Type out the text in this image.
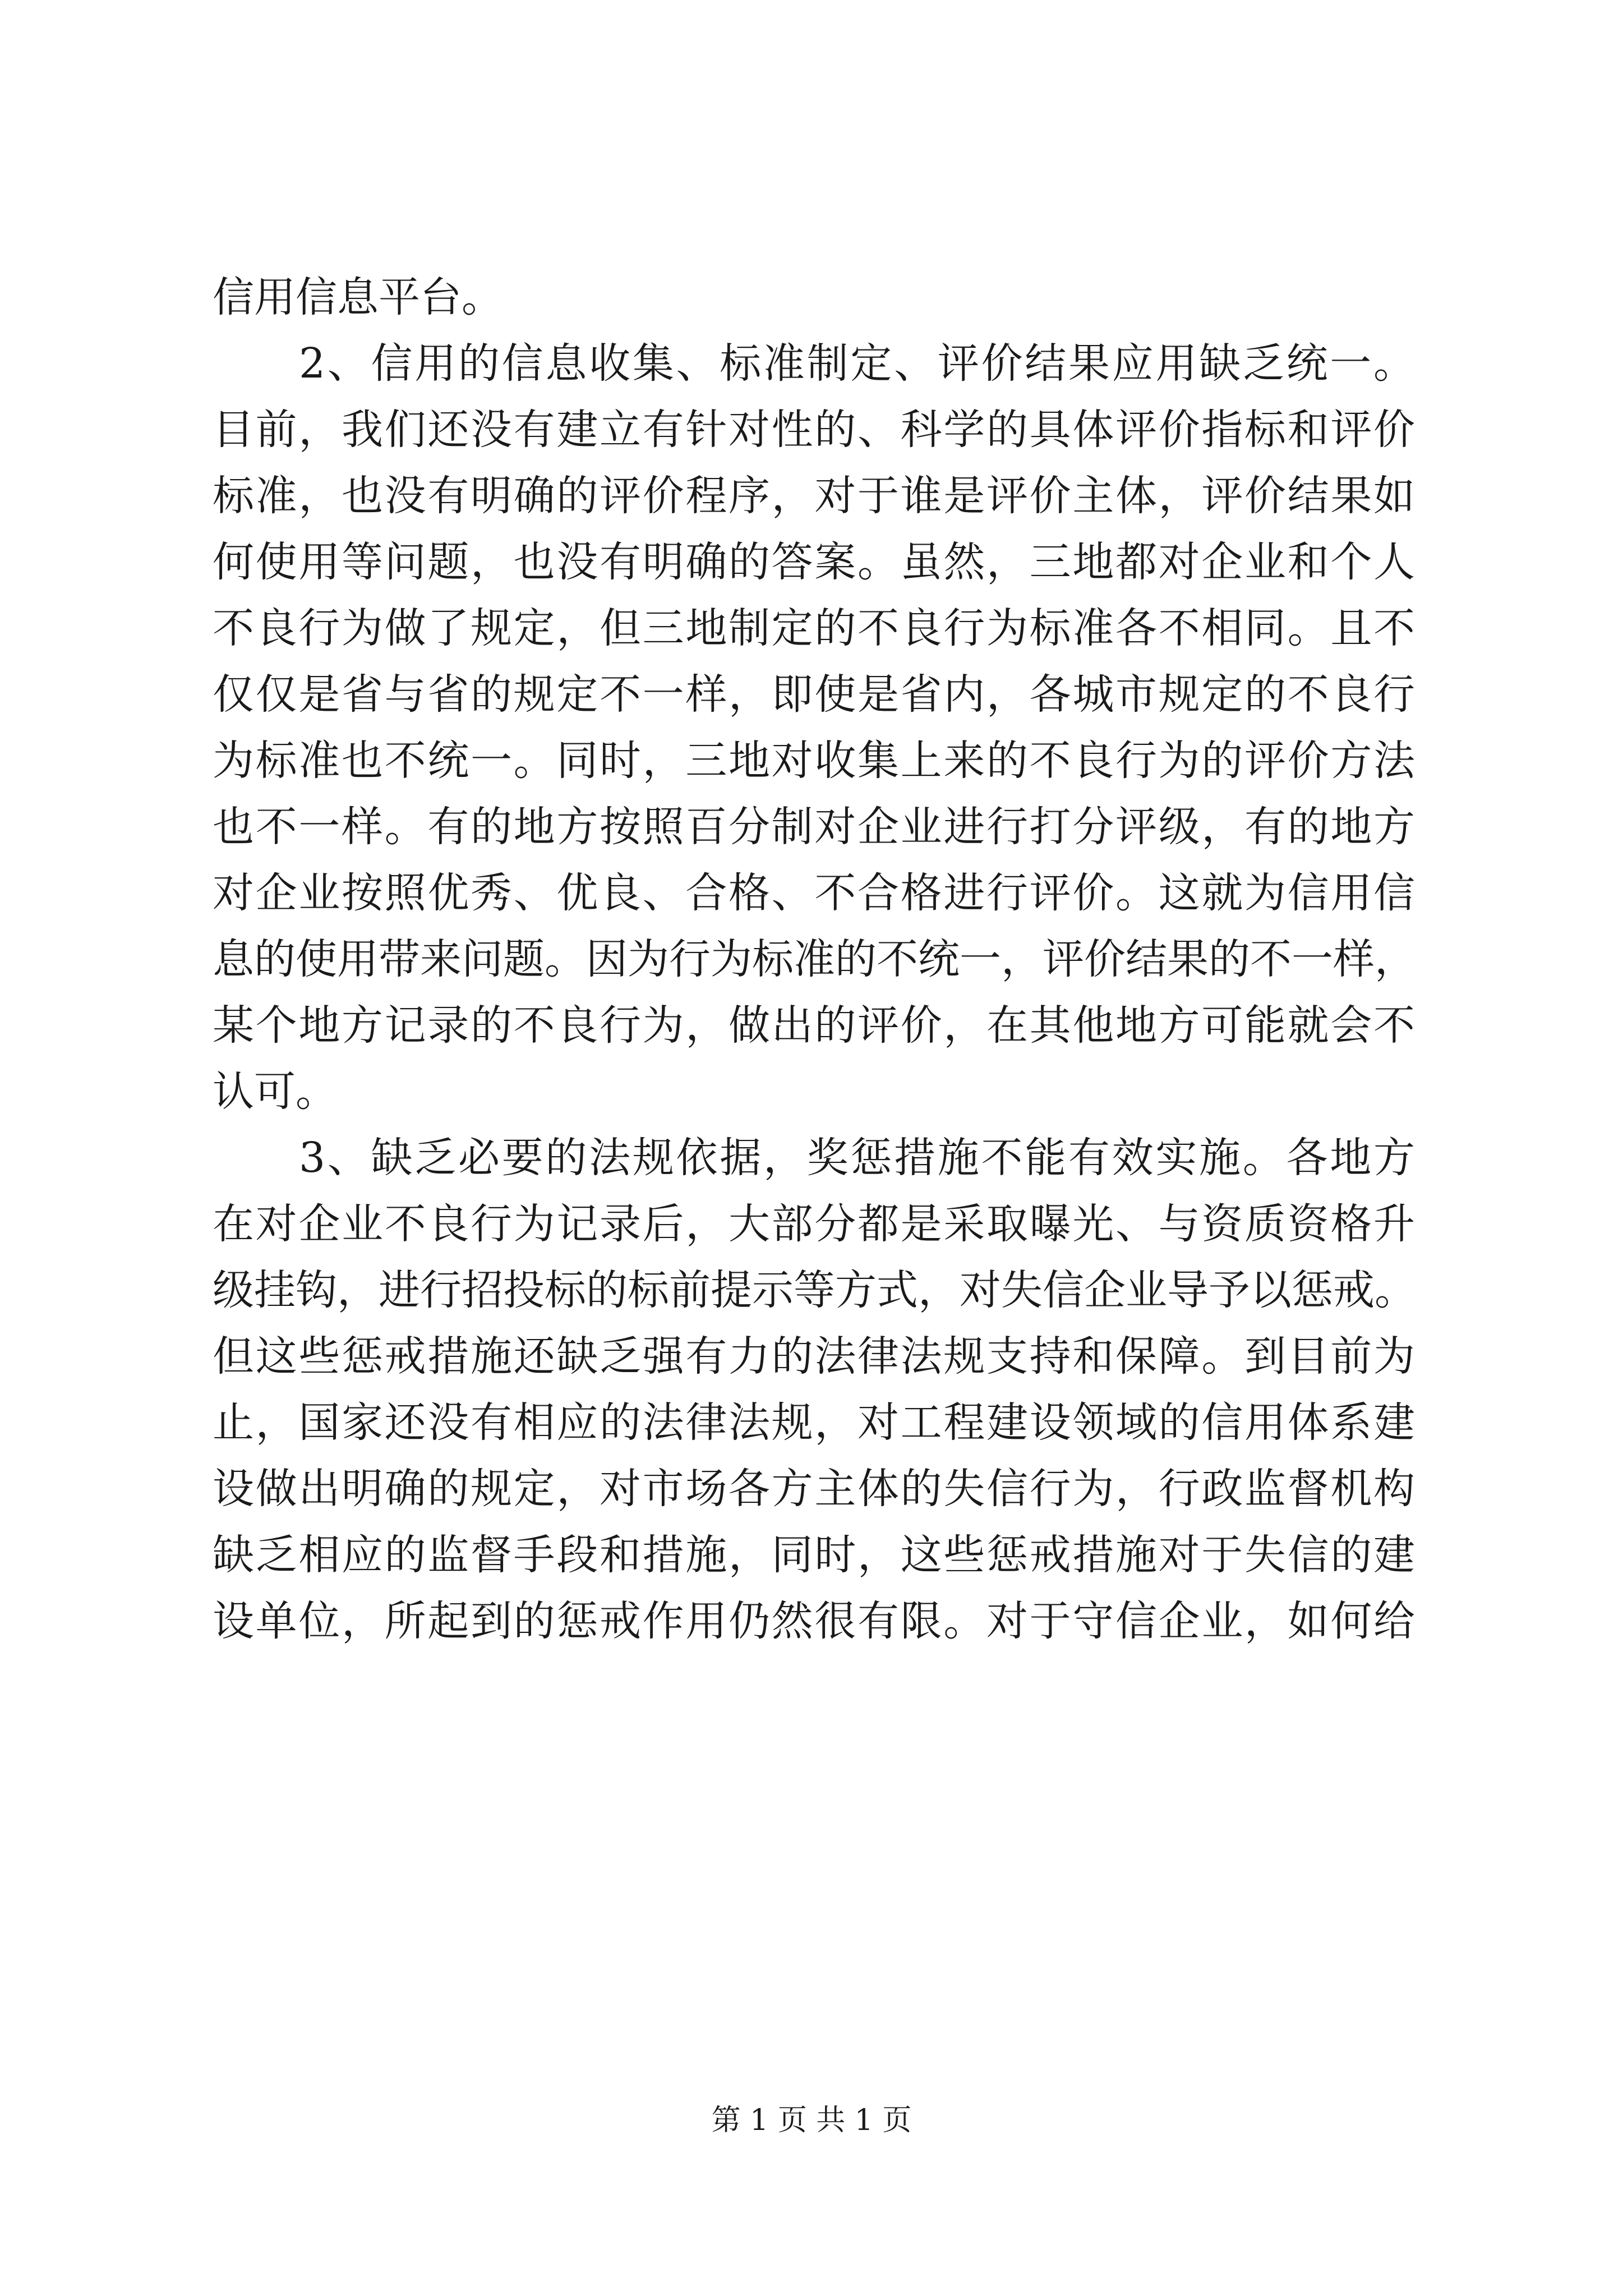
信用信息平台。
2、信用的信息收集、标准制定、评价结果应用缺乏统一。
目前，我们还没有建立有针对性的、科学的具体评价指标和评价
标准，也没有明确的评价程序，对于谁是评价主体，评价结果如
何使用等问题，也没有明确的答案。虽然，三地都对企业和个人
不良行为做了规定，但三地制定的不良行为标准各不相同。且不
仅仅是省与省的规定不一样，即使是省内，各城市规定的不良行
为标准也不统一。同时，三地对收集上来的不良行为的评价方法
也不一样。有的地方按照百分制对企业进行打分评级，有的地方
对企业按照优秀、优良、合格、不合格进行评价。这就为信用信
息的使用带来问题。因为行为标准的不统一，评价结果的不一样，
某个地方记录的不良行为，做出的评价，在其他地方可能就会不
认可。
3、缺乏必要的法规依据，奖惩措施不能有效实施。各地方
在对企业不良行为记录后，大部分都是采取曝光、与资质资格升
级挂钩，进行招投标的标前提示等方式，对失信企业导予以惩戒。
但这些惩戒措施还缺乏强有力的法律法规支持和保障。到目前为
止，国家还没有相应的法律法规，对工程建设领域的信用体系建
设做出明确的规定，对市场各方主体的失信行为，行政监督机构
缺乏相应的监督手段和措施，同时，这些惩戒措施对于失信的建
设单位，所起到的惩戒作用仍然很有限。对于守信企业，如何给
第 1 页 共 1 页
